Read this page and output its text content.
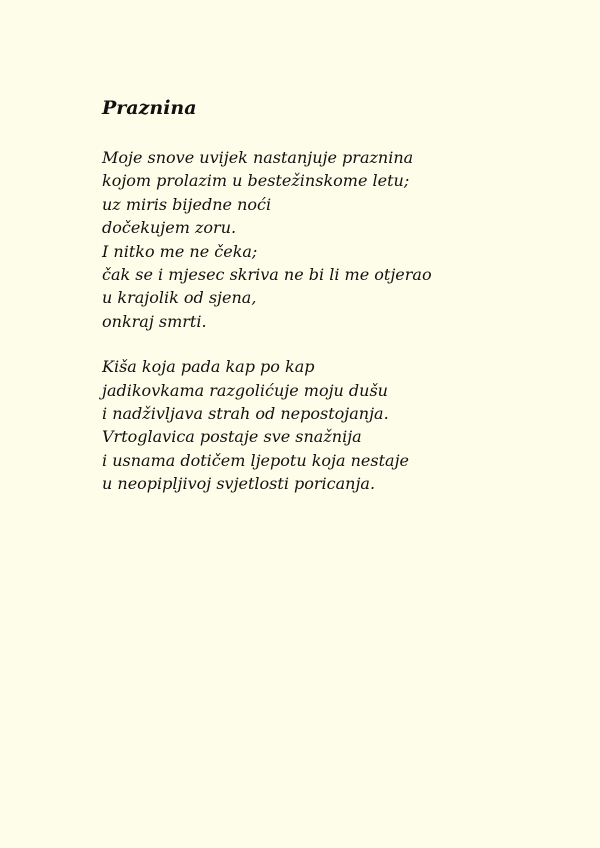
Praznina
Moje snove uvijek nastanjuje praznina
kojom prolazim u bestežinskome letu;
uz miris bijedne noći
dočekujem zoru.
I nitko me ne čeka;
čak se i mjesec skriva ne bi li me otjerao
u krajolik od sjena,
onkraj smrti.
Kiša koja pada kap po kap
jadikovkama razgolićuje moju dušu
i nadživljava strah od nepostojanja.
Vrtoglavica postaje sve snažnija
i usnama dotičem ljepotu koja nestaje
u neopipljivoj svjetlosti poricanja.
